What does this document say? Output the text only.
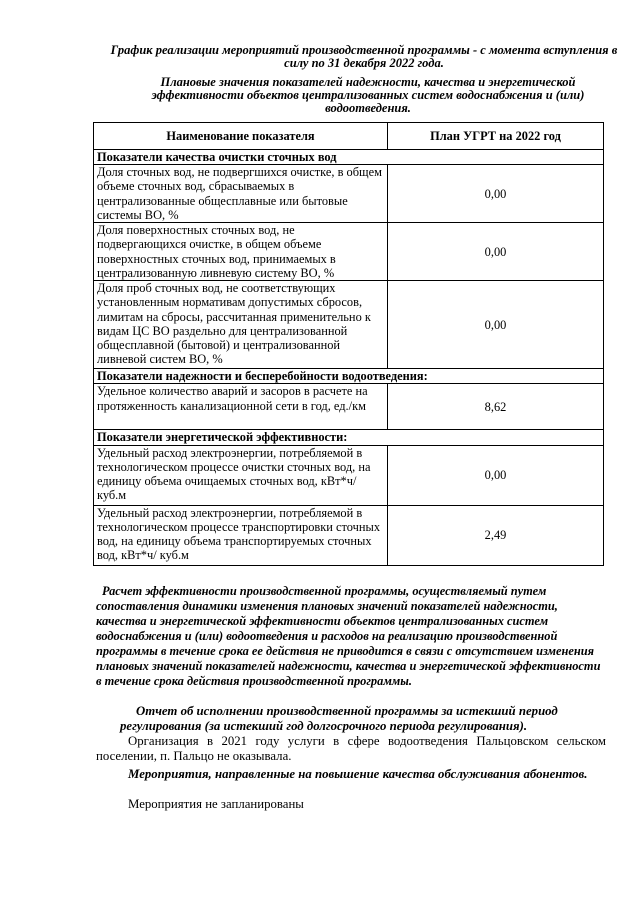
График реализации мероприятий производственной программы - с момента вступления в силу по 31 декабря 2022 года.
Плановые значения показателей надежности, качества и энергетической эффективности объектов централизованных систем водоснабжения и (или) водоотведения.
Наименование показателя	План УГРТ на 2022 год
Показатели качества очистки сточных вод	
Доля сточных вод, не подвергшихся очистке, в общем объеме сточных вод, сбрасываемых в централизованные общесплавные или бытовые системы ВО, %	0,00
Доля поверхностных сточных вод, не подвергающихся очистке, в общем объеме поверхностных сточных вод, принимаемых в централизованную ливневую систему ВО, %	0,00
Доля проб сточных вод, не соответствующих установленным нормативам допустимых сбросов, лимитам на сбросы, рассчитанная применительно к видам ЦС ВО раздельно для централизованной общесплавной (бытовой) и централизованной ливневой систем ВО, %	0,00
Показатели надежности и бесперебойности водоотведения:	
Удельное количество аварий и засоров в расчете на протяженность канализационной сети в год, ед./км	8,62
Показатели энергетической эффективности:	
Удельный расход электроэнергии, потребляемой в технологическом процессе очистки сточных вод, на единицу объема очищаемых сточных вод, кВт*ч/ куб.м	0,00
Удельный расход электроэнергии, потребляемой в технологическом процессе транспортировки сточных вод, на единицу объема транспортируемых сточных вод, кВт*ч/ куб.м	2,49
Расчет эффективности производственной программы, осуществляемый путем сопоставления динамики изменения плановых значений показателей надежности, качества и энергетической эффективности объектов централизованных систем водоснабжения и (или) водоотведения и расходов на реализацию производственной программы в течение срока ее действия не приводится в связи с отсутствием изменения плановых значений показателей надежности, качества и энергетической эффективности в течение срока действия производственной программы.
Отчет об исполнении производственной программы за истекший период регулирования (за истекший год долгосрочного периода регулирования).
Организация в 2021 году услуги в сфере водоотведения Пальцовском сельском поселении, п. Пальцо не оказывала.
Мероприятия, направленные на повышение качества обслуживания абонентов.
Мероприятия не запланированы
